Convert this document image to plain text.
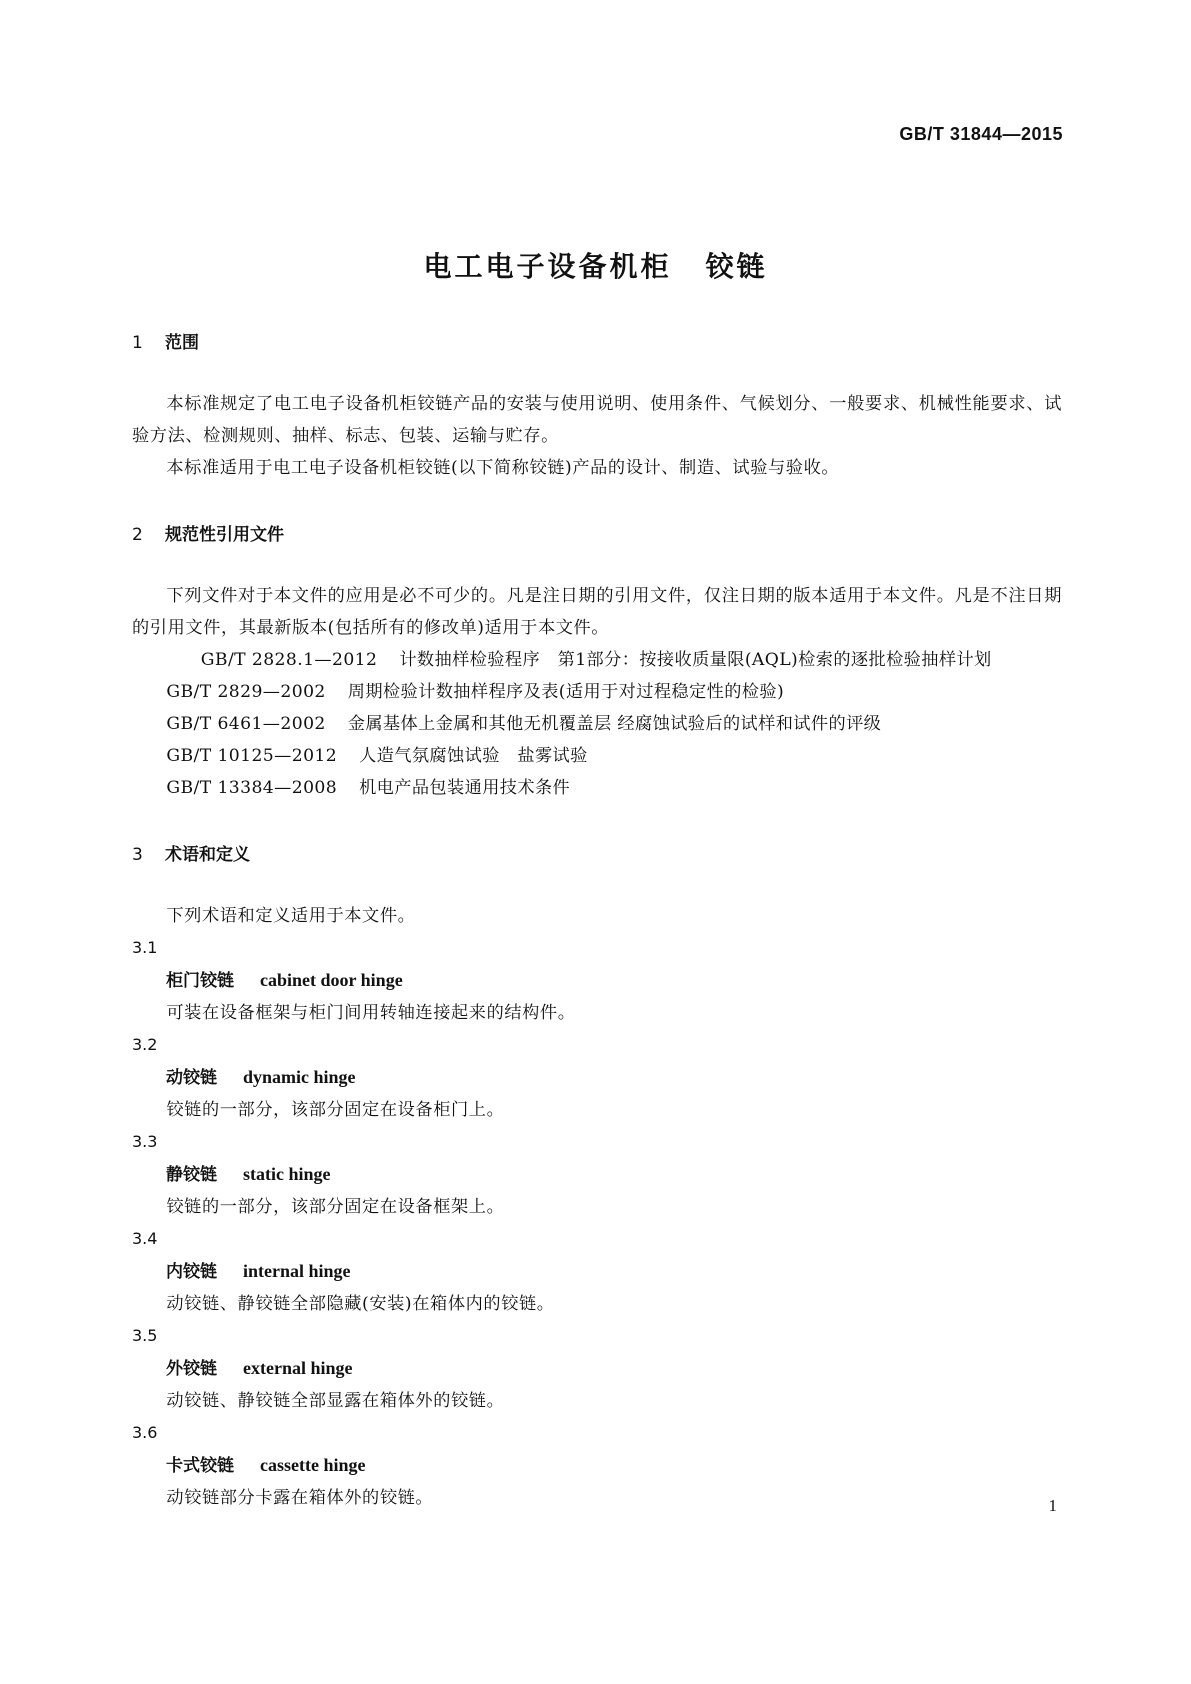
GB/T 31844—2015
电工电子设备机柜 铰链
1 范围

本标准规定了电工电子设备机柜铰链产品的安装与使用说明、使用条件、气候划分、一般要求、机械性能要求、试验方法、检测规则、抽样、标志、包装、运输与贮存。

本标准适用于电工电子设备机柜铰链(以下简称铰链)产品的设计、制造、试验与验收。

2 规范性引用文件

下列文件对于本文件的应用是必不可少的。凡是注日期的引用文件，仅注日期的版本适用于本文件。凡是不注日期的引用文件，其最新版本(包括所有的修改单)适用于本文件。

GB/T 2828.1—2012 计数抽样检验程序　第1部分：按接收质量限(AQL)检索的逐批检验抽样计划

GB/T 2829—2002 周期检验计数抽样程序及表(适用于对过程稳定性的检验)

GB/T 6461—2002 金属基体上金属和其他无机覆盖层 经腐蚀试验后的试样和试件的评级

GB/T 10125—2012 人造气氛腐蚀试验　盐雾试验

GB/T 13384—2008 机电产品包装通用技术条件

3 术语和定义

下列术语和定义适用于本文件。

3.1

柜门铰链 cabinet door hinge

可装在设备框架与柜门间用转轴连接起来的结构件。

3.2

动铰链 dynamic hinge

铰链的一部分，该部分固定在设备柜门上。

3.3

静铰链 static hinge

铰链的一部分，该部分固定在设备框架上。

3.4

内铰链 internal hinge

动铰链、静铰链全部隐藏(安装)在箱体内的铰链。

3.5

外铰链 external hinge

动铰链、静铰链全部显露在箱体外的铰链。

3.6

卡式铰链 cassette hinge

动铰链部分卡露在箱体外的铰链。	1
